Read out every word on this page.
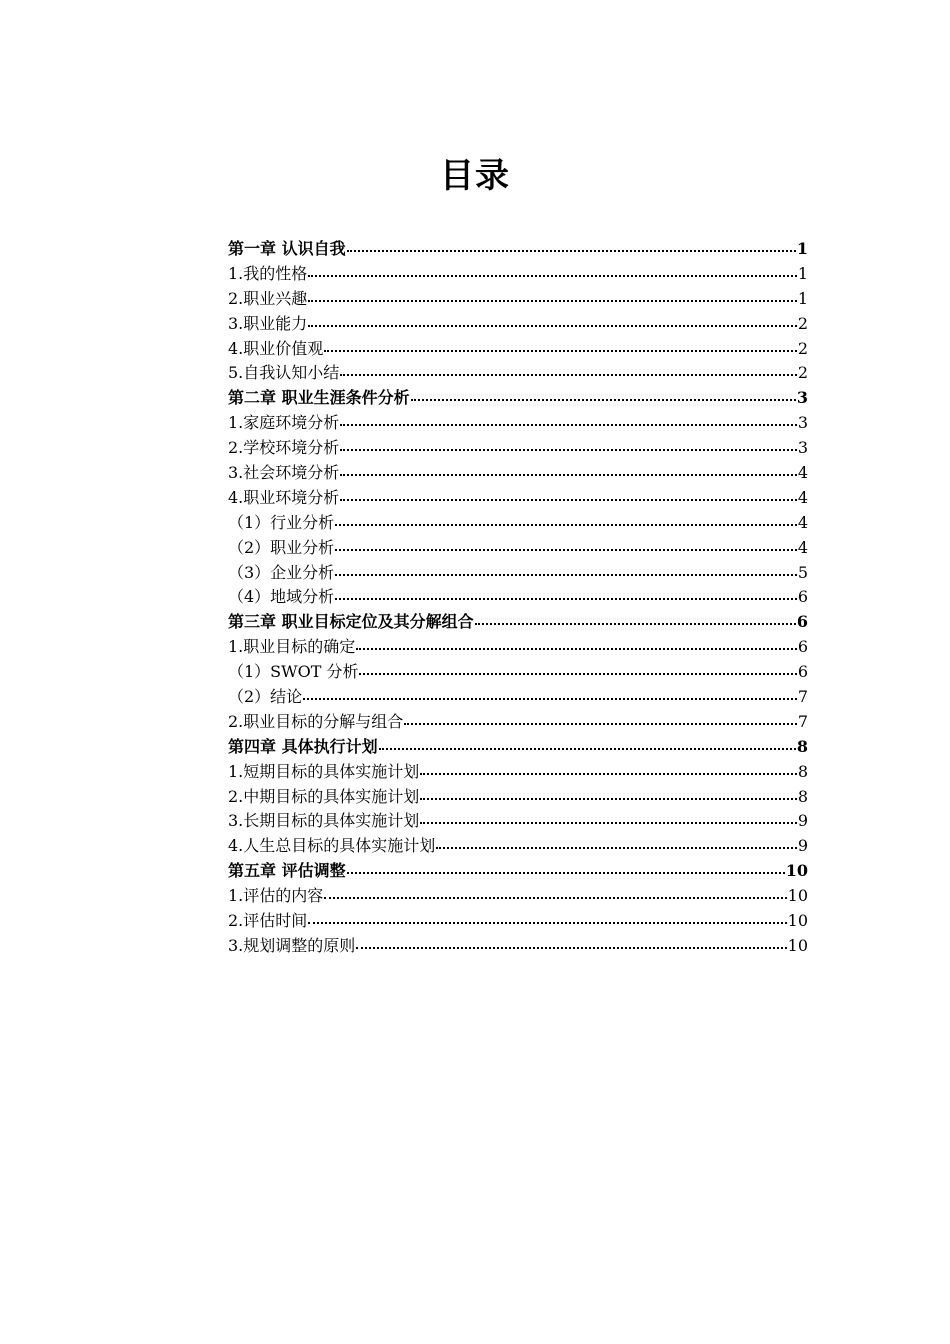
目录
第一章 认识自我	1
1.我的性格	1
2.职业兴趣	1
3.职业能力	2
4.职业价值观	2
5.自我认知小结	2
第二章 职业生涯条件分析	3
1.家庭环境分析	3
2.学校环境分析	3
3.社会环境分析	4
4.职业环境分析	4
（1）行业分析	4
（2）职业分析	4
（3）企业分析	5
（4）地域分析	6
第三章 职业目标定位及其分解组合	6
1.职业目标的确定	6
（1）SWOT 分析	6
（2）结论	7
2.职业目标的分解与组合	7
第四章 具体执行计划	8
1.短期目标的具体实施计划	8
2.中期目标的具体实施计划	8
3.长期目标的具体实施计划	9
4.人生总目标的具体实施计划	9
第五章 评估调整	10
1.评估的内容	10
2.评估时间	10
3.规划调整的原则	10
